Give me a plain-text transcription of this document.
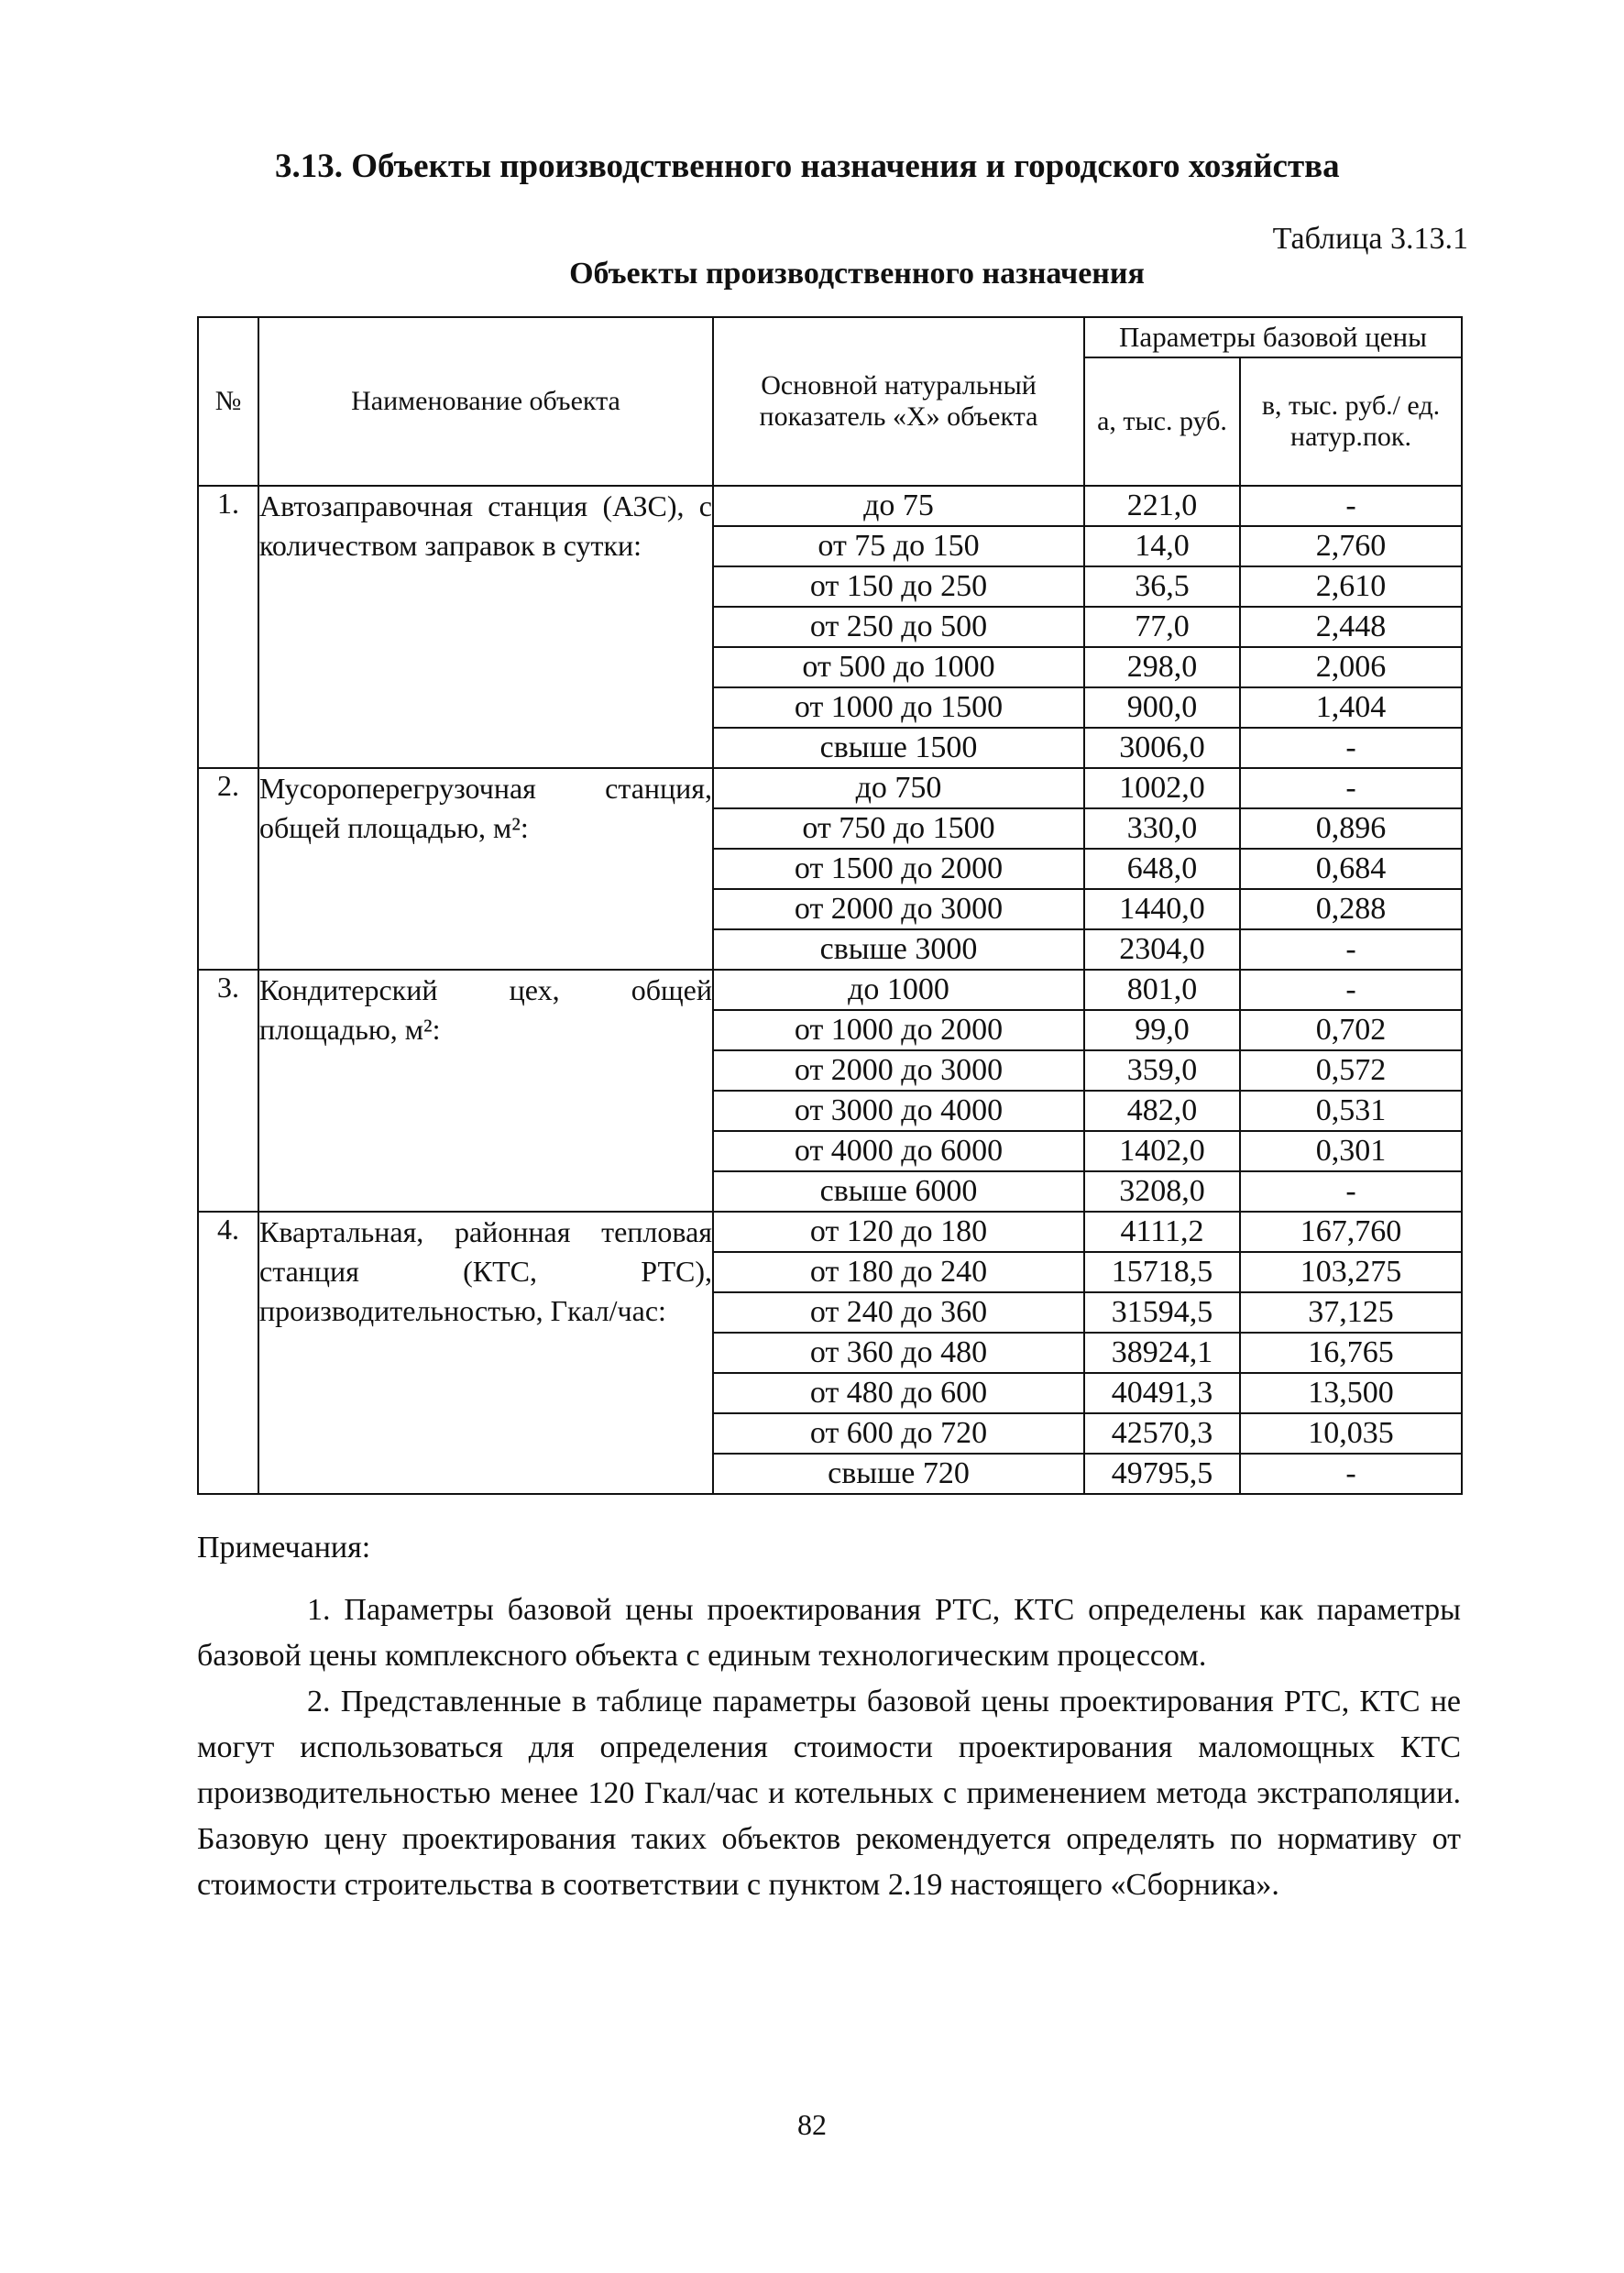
3.13. Объекты производственного назначения и городского хозяйства
Таблица 3.13.1
Объекты производственного назначения
№	Наименование объекта	Основной натуральный показатель «Х» объекта	Параметры базовой цены	
			а, тыс. руб.	в, тыс. руб./ ед. натур.пок.
1.	Автозаправочная станция (АЗС), с количеством заправок в сутки:	до 75	221,0	-
		от 75 до 150	14,0	2,760
		от 150 до 250	36,5	2,610
		от 250 до 500	77,0	2,448
		от 500 до 1000	298,0	2,006
		от 1000 до 1500	900,0	1,404
		свыше 1500	3006,0	-
2.	Мусороперегрузочная станция, общей площадью, м²:	до 750	1002,0	-
		от 750 до 1500	330,0	0,896
		от 1500 до 2000	648,0	0,684
		от 2000 до 3000	1440,0	0,288
		свыше 3000	2304,0	-
3.	Кондитерский цех, общей площадью, м²:	до 1000	801,0	-
		от 1000 до 2000	99,0	0,702
		от 2000 до 3000	359,0	0,572
		от 3000 до 4000	482,0	0,531
		от 4000 до 6000	1402,0	0,301
		свыше 6000	3208,0	-
4.	Квартальная, районная тепловая станция (КТС, РТС), производительностью, Гкал/час:	от 120 до 180	4111,2	167,760
		от 180 до 240	15718,5	103,275
		от 240 до 360	31594,5	37,125
		от 360 до 480	38924,1	16,765
		от 480 до 600	40491,3	13,500
		от 600 до 720	42570,3	10,035
		свыше 720	49795,5	-
Примечания:
1. Параметры базовой цены проектирования РТС, КТС определены как параметры базовой цены комплексного объекта с единым технологическим процессом.
2. Представленные в таблице параметры базовой цены проектирования РТС, КТС не могут использоваться для определения стоимости проектирования маломощных КТС производительностью менее 120 Гкал/час и котельных с применением метода экстраполяции. Базовую цену проектирования таких объектов рекомендуется определять по нормативу от стоимости строительства в соответствии с пунктом 2.19 настоящего «Сборника».
82
